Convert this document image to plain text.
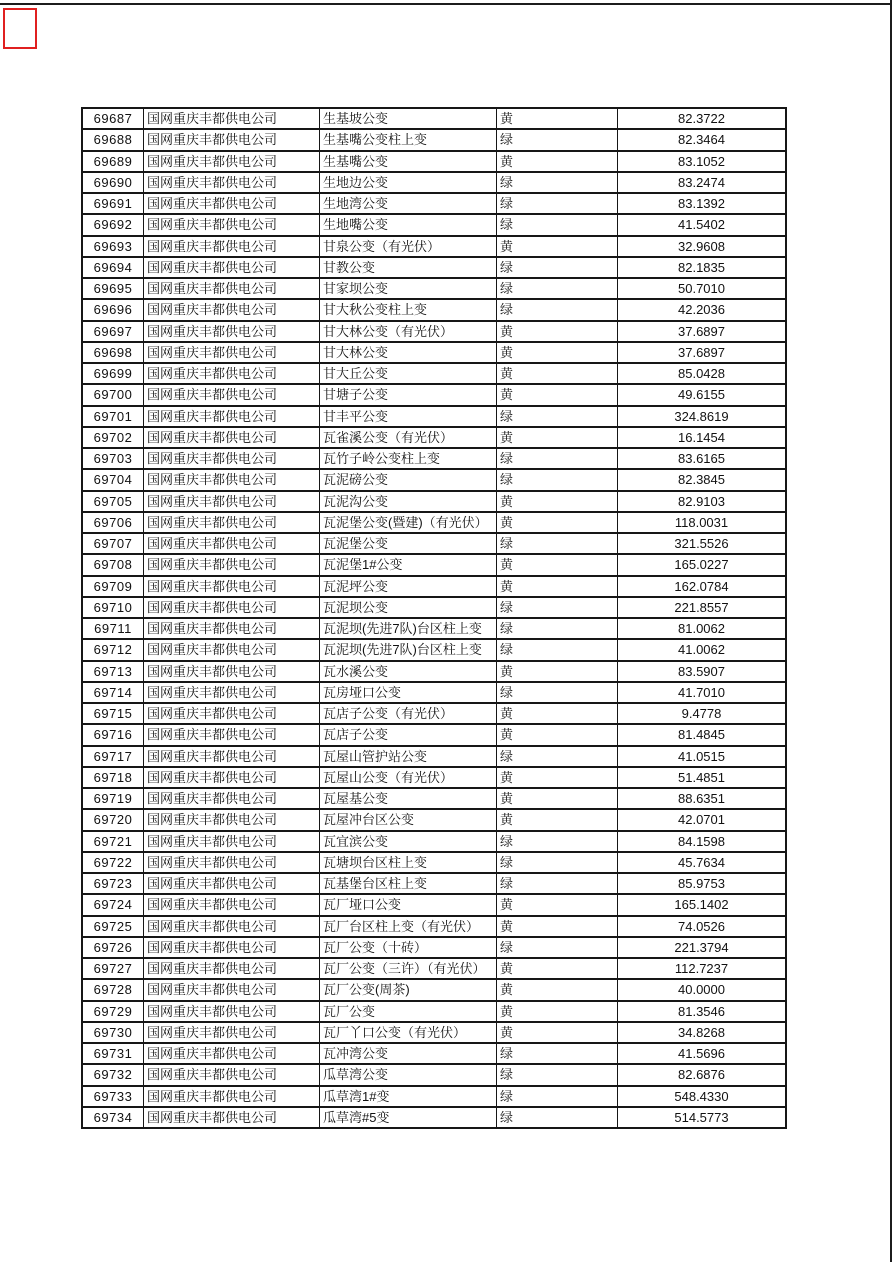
69687	国网重庆丰都供电公司	生基坡公变	黄	82.3722
69688	国网重庆丰都供电公司	生基嘴公变柱上变	绿	82.3464
69689	国网重庆丰都供电公司	生基嘴公变	黄	83.1052
69690	国网重庆丰都供电公司	生地边公变	绿	83.2474
69691	国网重庆丰都供电公司	生地湾公变	绿	83.1392
69692	国网重庆丰都供电公司	生地嘴公变	绿	41.5402
69693	国网重庆丰都供电公司	甘泉公变（有光伏）	黄	32.9608
69694	国网重庆丰都供电公司	甘教公变	绿	82.1835
69695	国网重庆丰都供电公司	甘家坝公变	绿	50.7010
69696	国网重庆丰都供电公司	甘大秋公变柱上变	绿	42.2036
69697	国网重庆丰都供电公司	甘大林公变（有光伏）	黄	37.6897
69698	国网重庆丰都供电公司	甘大林公变	黄	37.6897
69699	国网重庆丰都供电公司	甘大丘公变	黄	85.0428
69700	国网重庆丰都供电公司	甘塘子公变	黄	49.6155
69701	国网重庆丰都供电公司	甘丰平公变	绿	324.8619
69702	国网重庆丰都供电公司	瓦雀溪公变（有光伏）	黄	16.1454
69703	国网重庆丰都供电公司	瓦竹子岭公变柱上变	绿	83.6165
69704	国网重庆丰都供电公司	瓦泥磅公变	绿	82.3845
69705	国网重庆丰都供电公司	瓦泥沟公变	黄	82.9103
69706	国网重庆丰都供电公司	瓦泥堡公变(暨建)（有光伏） 黄	118.0031
69707	国网重庆丰都供电公司	瓦泥堡公变	绿	321.5526
69708	国网重庆丰都供电公司	瓦泥堡1#公变	黄	165.0227
69709	国网重庆丰都供电公司	瓦泥坪公变	黄	162.0784
69710	国网重庆丰都供电公司	瓦泥坝公变	绿	221.8557
69711	国网重庆丰都供电公司	瓦泥坝(先进7队)台区柱上变	绿	81.0062
69712	国网重庆丰都供电公司	瓦泥坝(先进7队)台区柱上变	绿	41.0062
69713	国网重庆丰都供电公司	瓦水溪公变	黄	83.5907
69714	国网重庆丰都供电公司	瓦房垭口公变	绿	41.7010
69715	国网重庆丰都供电公司	瓦店子公变（有光伏）	黄	9.4778
69716	国网重庆丰都供电公司	瓦店子公变	黄	81.4845
69717	国网重庆丰都供电公司	瓦屋山管护站公变	绿	41.0515
69718	国网重庆丰都供电公司	瓦屋山公变（有光伏）	黄	51.4851
69719	国网重庆丰都供电公司	瓦屋基公变	黄	88.6351
69720	国网重庆丰都供电公司	瓦屋冲台区公变	黄	42.0701
69721	国网重庆丰都供电公司	瓦宜滨公变	绿	84.1598
69722	国网重庆丰都供电公司	瓦塘坝台区柱上变	绿	45.7634
69723	国网重庆丰都供电公司	瓦基堡台区柱上变	绿	85.9753
69724	国网重庆丰都供电公司	瓦厂垭口公变	黄	165.1402
69725	国网重庆丰都供电公司	瓦厂台区柱上变（有光伏）	黄	74.0526
69726	国网重庆丰都供电公司	瓦厂公变（十砖）	绿	221.3794
69727	国网重庆丰都供电公司	瓦厂公变（三许）（有光伏）	黄	112.7237
69728	国网重庆丰都供电公司	瓦厂公变(周茶)	黄	40.0000
69729	国网重庆丰都供电公司	瓦厂公变	黄	81.3546
69730	国网重庆丰都供电公司	瓦厂丫口公变（有光伏）	黄	34.8268
69731	国网重庆丰都供电公司	瓦冲湾公变	绿	41.5696
69732	国网重庆丰都供电公司	瓜草湾公变	绿	82.6876
69733	国网重庆丰都供电公司	瓜草湾1#变	绿	548.4330
69734	国网重庆丰都供电公司	瓜草湾#5变	绿	514.5773
